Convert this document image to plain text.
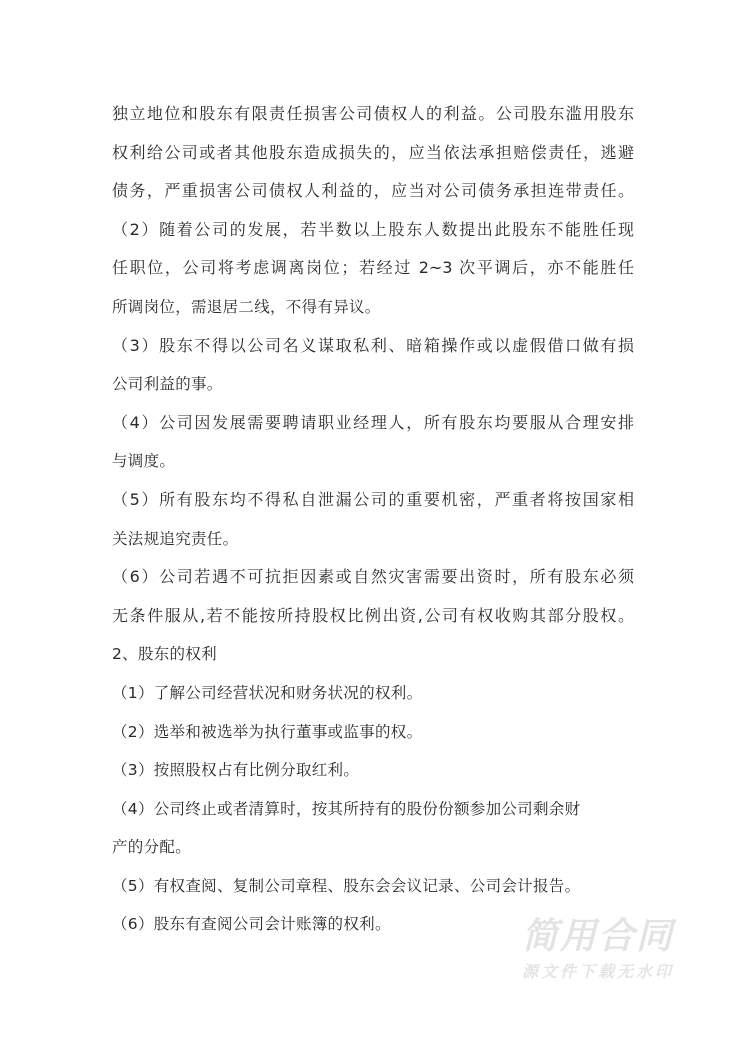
独立地位和股东有限责任损害公司债权人的利益。公司股东滥用股东
权利给公司或者其他股东造成损失的，应当依法承担赔偿责任，逃避
债务，严重损害公司债权人利益的，应当对公司债务承担连带责任。
（2）随着公司的发展，若半数以上股东人数提出此股东不能胜任现
任职位，公司将考虑调离岗位；若经过 2~3 次平调后，亦不能胜任
所调岗位，需退居二线，不得有异议。
（3）股东不得以公司名义谋取私利、暗箱操作或以虚假借口做有损
公司利益的事。
（4）公司因发展需要聘请职业经理人，所有股东均要服从合理安排
与调度。
（5）所有股东均不得私自泄漏公司的重要机密，严重者将按国家相
关法规追究责任。
（6）公司若遇不可抗拒因素或自然灾害需要出资时，所有股东必须
无条件服从,若不能按所持股权比例出资,公司有权收购其部分股权。
2、股东的权利
（1）了解公司经营状况和财务状况的权利。
（2）选举和被选举为执行董事或监事的权。
（3）按照股权占有比例分取红利。
（4）公司终止或者清算时，按其所持有的股份份额参加公司剩余财
产的分配。
（5）有权查阅、复制公司章程、股东会会议记录、公司会计报告。
（6）股东有查阅公司会计账簿的权利。	简用合同
源文件下载无水印
